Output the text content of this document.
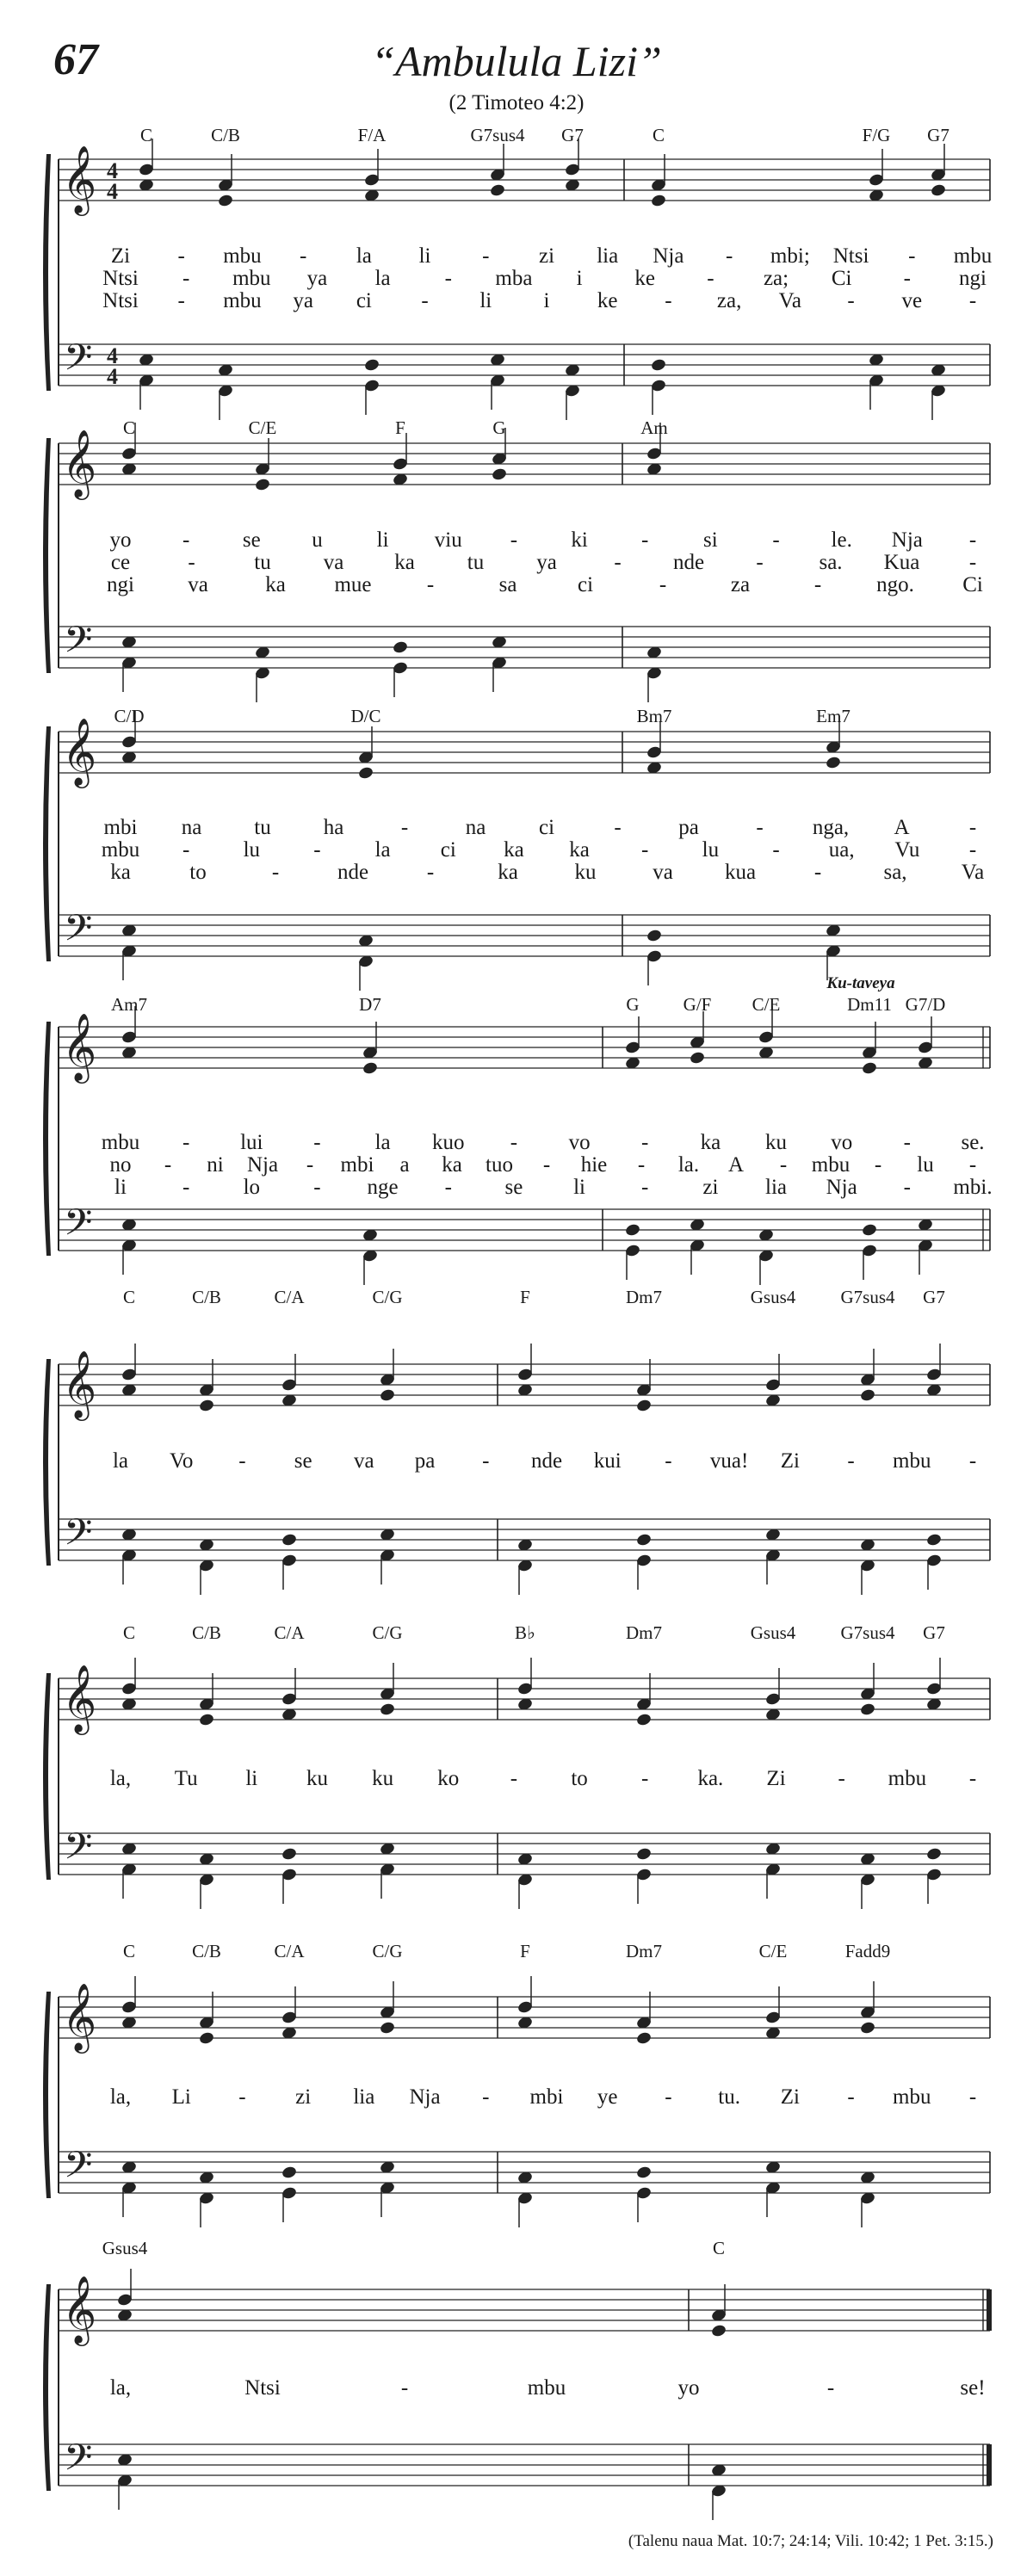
67	“Ambulula Lizi”
(2 Timoteo 4:2)
𝄞
𝄢
4
4
4
4
C	C/B	F/A	G7sus4 G7	C	F/G G7
Zi - mbu - la li - zi lia Nja - mbi; Ntsi - mbu
Ntsi - mbu ya la	- mba i ke - za; Ci - ngi
Ntsi - mbu ya ci - li i ke - za, Va - ve -
𝄞
𝄢
C	C/E	F	G	Am
yo - se u	li viu - ki -	si	- le. Nja -
ce	-	tu va ka tu ya	- nde -	sa. Kua -
ngi va	ka mue	-	sa	ci	-	za	-	ngo. Ci
𝄞
𝄢
C/D	D/C	Bm7	Em7
mbi na tu ha	-	na ci	-	pa	- nga, A	-
mbu - lu -	la ci ka ka - lu - ua, Vu -
ka	to	-	nde	-	ka	ku	va kua	-	sa,	Va
𝄞
𝄢
Am7	D7	G G/F C/E	Dm11 G7/D
Ku-taveya
mbu - lui -	la kuo - vo - ka ku vo - se.
no - ni Nja - mbi a ka tuo - hie - la. A - mbu - lu -
li	- lo - nge - se li	-	zi lia Nja - mbi.
𝄞
𝄢
C	C/B	C/A	C/G	F	Dm7	Gsus4 G7sus4 G7
la Vo - se va pa - nde kui - vua! Zi - mbu -
𝄞
𝄢
C	C/B	C/A	C/G	B♭	Dm7	Gsus4 G7sus4 G7
la, Tu li ku ku ko - to - ka. Zi - mbu -
𝄞
𝄢
C	C/B	C/A	C/G	F	Dm7	C/E	Fadd9
la, Li - zi lia Nja - mbi ye - tu. Zi - mbu -
𝄞
𝄢
Gsus4	C
la,	Ntsi	-	mbu	yo	-	se!
(Talenu naua Mat. 10:7; 24:14; Vili. 10:42; 1 Pet. 3:15.)
